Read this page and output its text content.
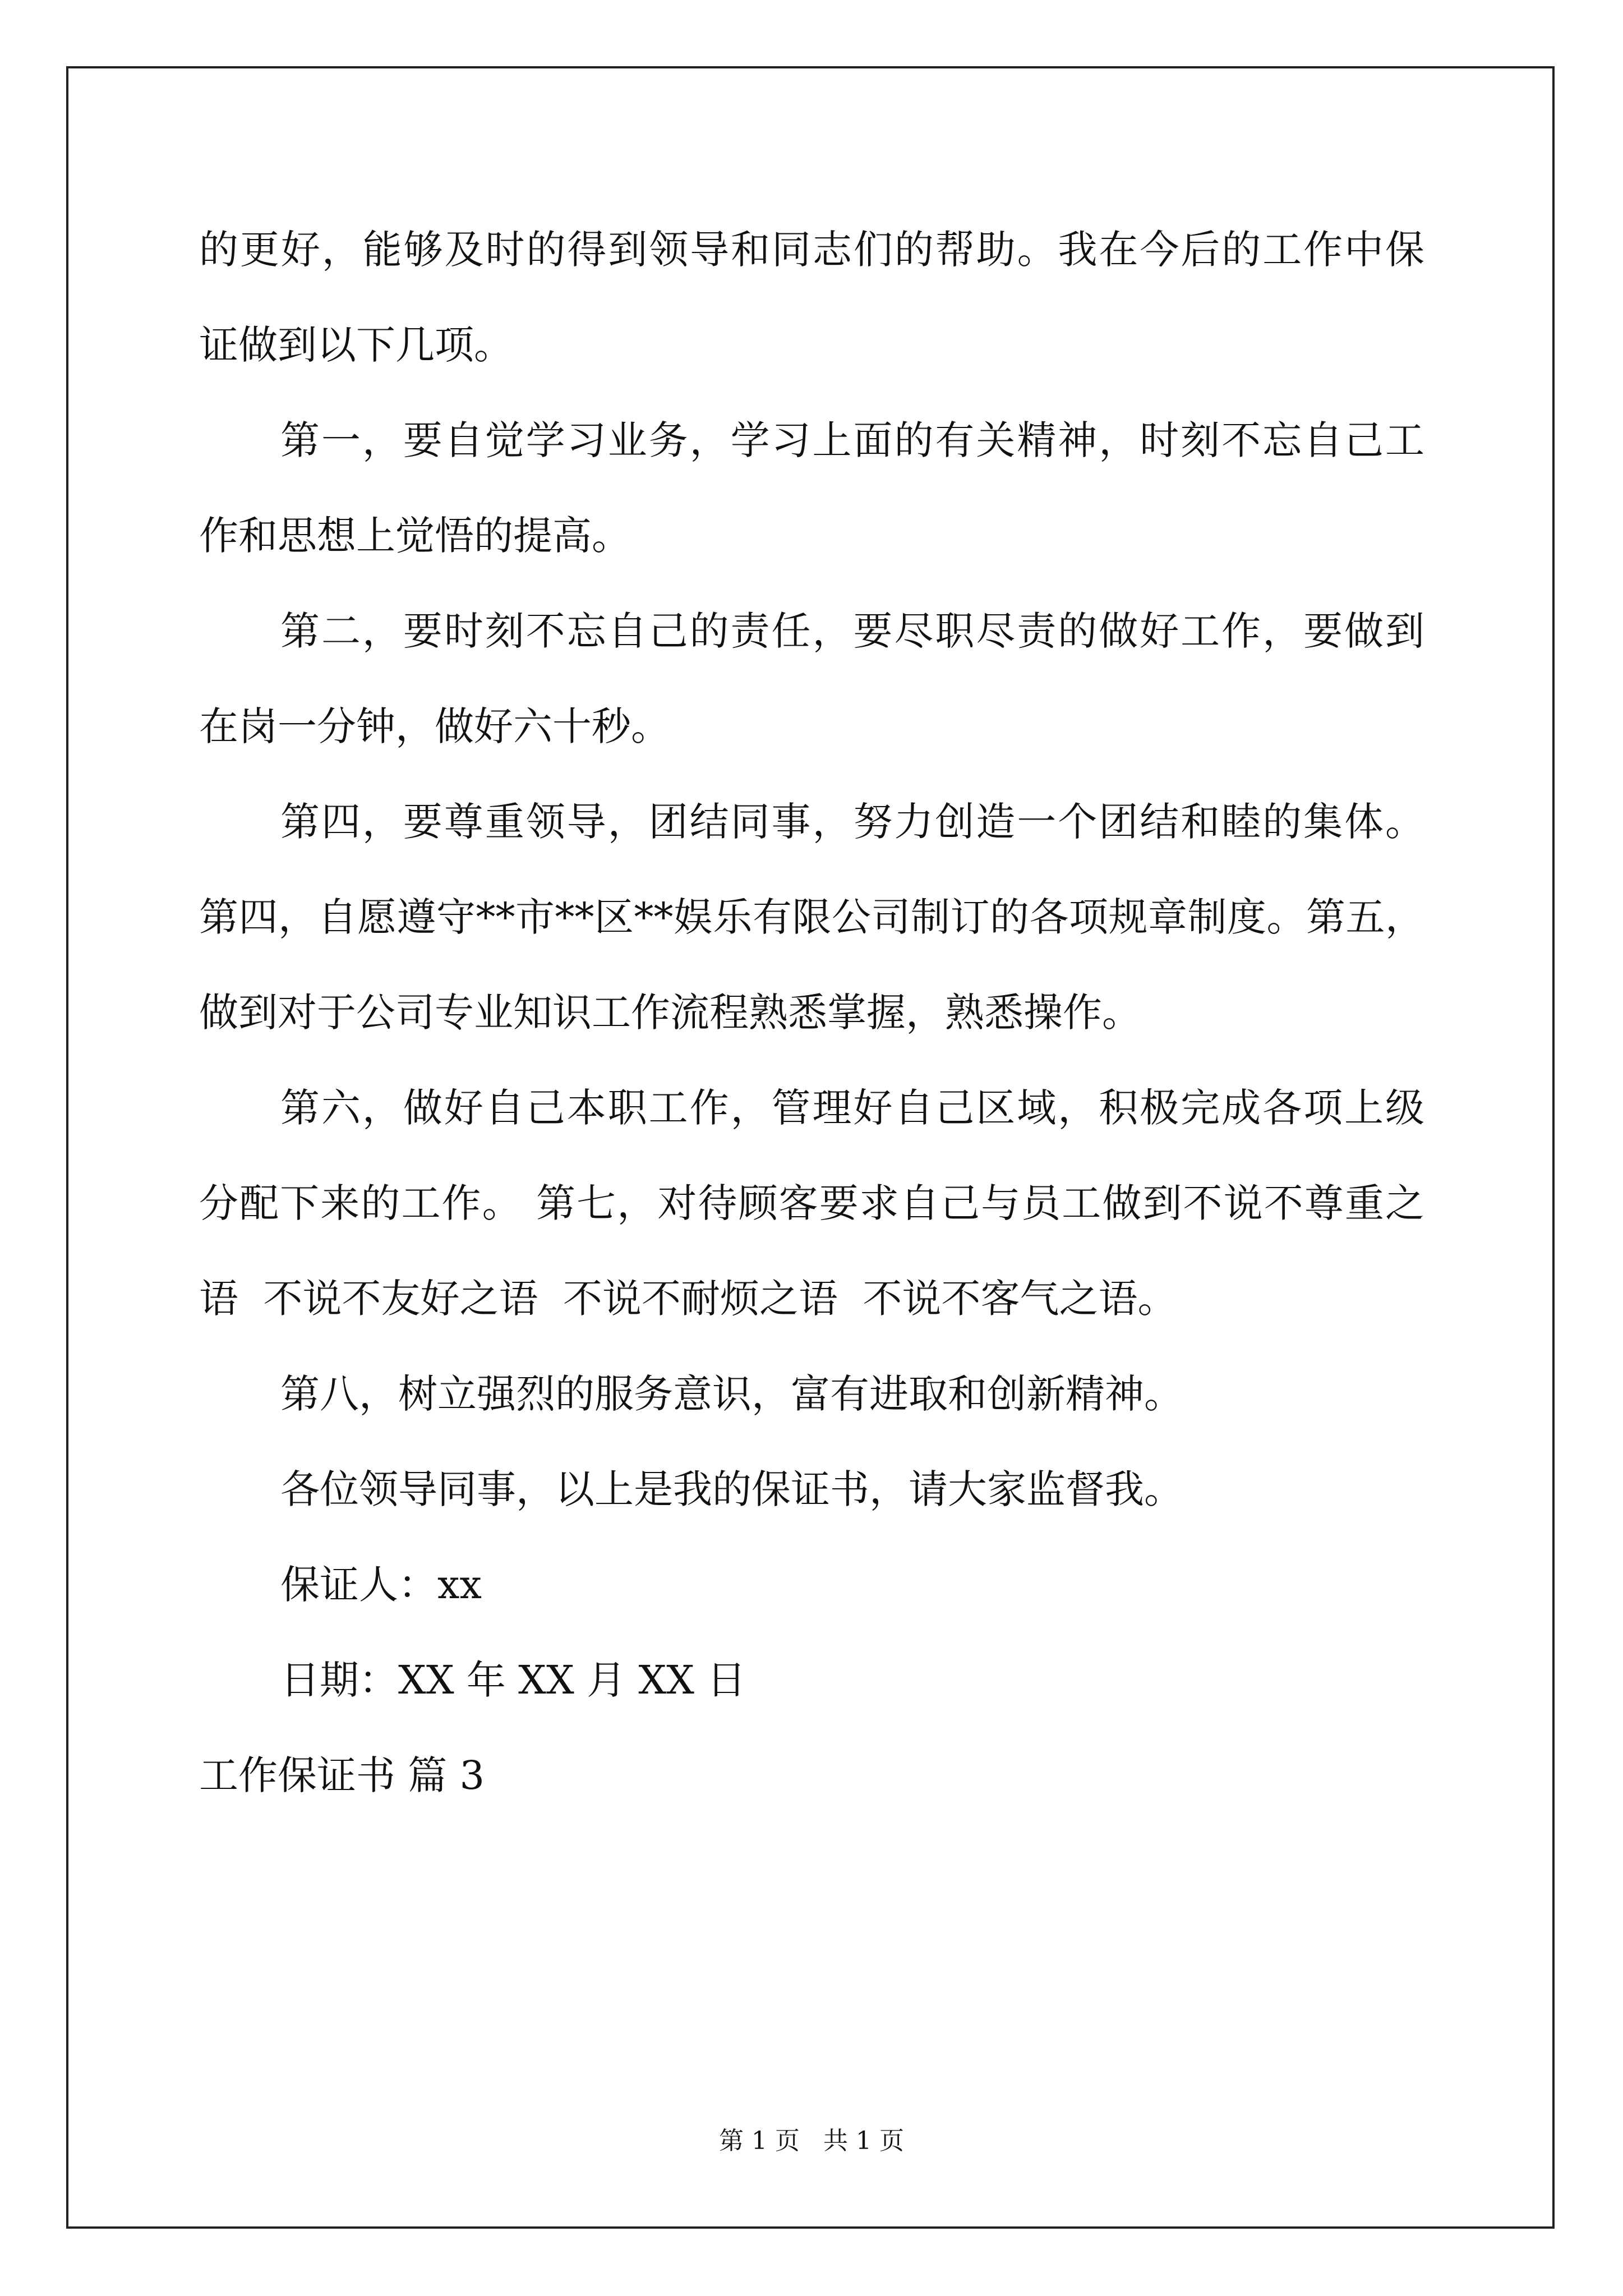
的更好，能够及时的得到领导和同志们的帮助。我在今后的工作中保
证做到以下几项。
第一，要自觉学习业务，学习上面的有关精神，时刻不忘自己工
作和思想上觉悟的提高。
第二，要时刻不忘自己的责任，要尽职尽责的做好工作，要做到
在岗一分钟，做好六十秒。
第四，要尊重领导，团结同事，努力创造一个团结和睦的集体。
第四，自愿遵守**市**区**娱乐有限公司制订的各项规章制度。第五，
做到对于公司专业知识工作流程熟悉掌握，熟悉操作。
第六，做好自己本职工作，管理好自己区域，积极完成各项上级
分配下来的工作。 第七，对待顾客要求自己与员工做到不说不尊重之
语  不说不友好之语  不说不耐烦之语  不说不客气之语。
第八，树立强烈的服务意识，富有进取和创新精神。
各位领导同事，以上是我的保证书，请大家监督我。
保证人：xx
日期：XX 年 XX 月 XX 日
工作保证书 篇 3
第 1 页   共 1 页
